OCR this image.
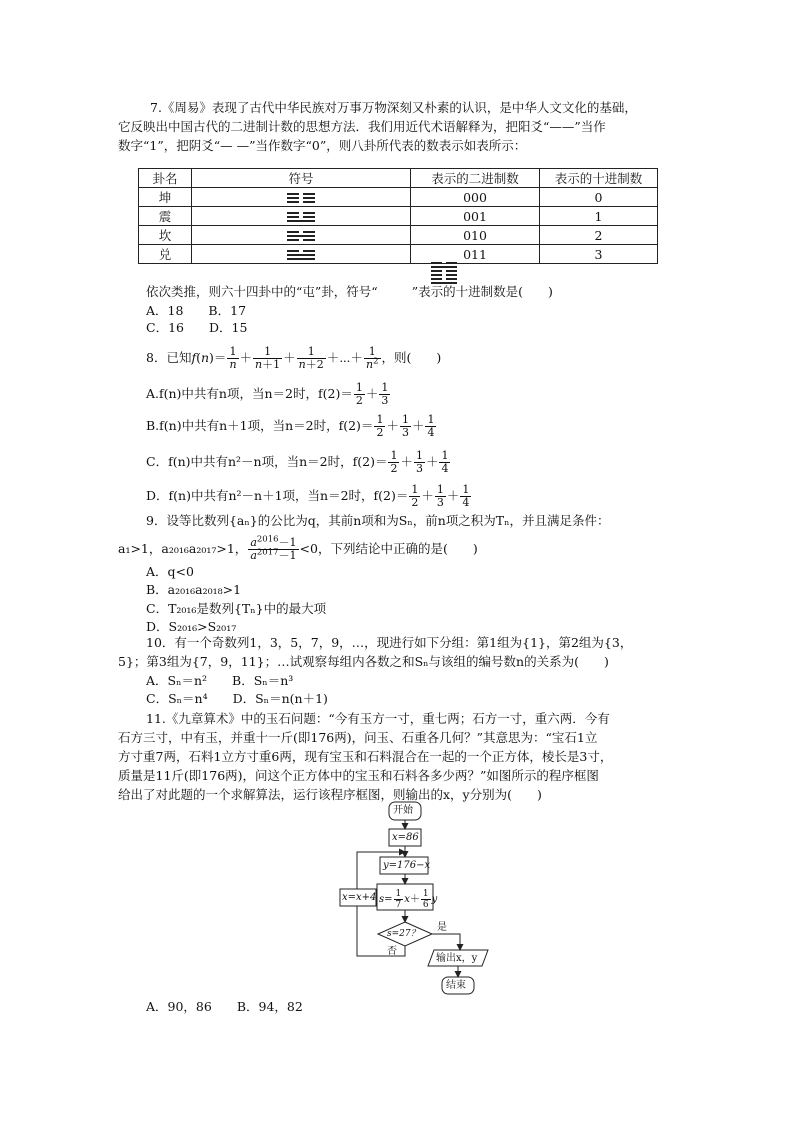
7.《周易》表现了古代中华民族对万事万物深刻又朴素的认识，是中华人文文化的基础，
它反映出中国古代的二进制计数的思想方法．我们用近代术语解释为，把阳爻“——”当作
数字“1”，把阴爻“— —”当作数字“0”，则八卦所代表的数表示如表所示：
卦名	符号	表示的二进制数	表示的十进制数
坤		000	0
震		001	1
坎		010	2
兑		011	3
依次类推，则六十四卦中的“屯”卦，符号“	”表示的十进制数是(　　)
A．18　　B．17
C．16　　D．15
8．已知$f(n)= \frac{1}{n} + \frac{1}{n+1} + \frac{1}{n+2}$ ＋⋯＋ $\frac{1}{n^2}$ ，则(　　)
A.f(n)中共有n项，当n＝2时，$f(2)= \frac{1}{2} + \frac{1}{3}$
B.f(n)中共有n＋1项，当n＝2时，$f(2)= \frac{1}{2} + \frac{1}{3} + \frac{1}{4}$
C．f(n)中共有n²－n项，当n＝2时，$f(2)= \frac{1}{2} + \frac{1}{3} + \frac{1}{4}$
D．f(n)中共有n²－n＋1项，当n＝2时，$f(2)= \frac{1}{2} + \frac{1}{3} + \frac{1}{4}$
9．设等比数列{aₙ}的公比为q，其前n项和为Sₙ，前n项之积为Tₙ，并且满足条件：
a₁>1，a₂₀₁₆a₂₀₁₇>1， $\frac{a^{2016}-1}{a^{2017}-1} <0$，下列结论中正确的是(　　)
A．q<0
B．a₂₀₁₆a₂₀₁₈>1
C．T₂₀₁₆是数列{Tₙ}中的最大项
D．S₂₀₁₆>S₂₀₁₇
10．有一个奇数列1，3，5，7，9，…，现进行如下分组：第1组为{1}，第2组为{3，
5}；第3组为{7，9，11}；…试观察每组内各数之和Sₙ与该组的编号数n的关系为(　　)
A．Sₙ＝n²　　B．Sₙ＝n³
C．Sₙ＝n⁴　　D．Sₙ＝n(n＋1)
11.《九章算术》中的玉石问题：“今有玉方一寸，重七两；石方一寸，重六两．今有
石方三寸，中有玉，并重十一斤(即176两)，问玉、石重各几何？”其意思为：“宝石1立
方寸重7两，石料1立方寸重6两，现有宝玉和石料混合在一起的一个正方体，棱长是3寸，
质量是11斤(即176两)，问这个正方体中的宝玉和石料各多少两？”如图所示的程序框图
给出了对此题的一个求解算法，运行该程序框图，则输出的x，y分别为(　　)
开始
x=86
y=176−x
$s= \frac{1}{7} x+ \frac{1}{6}$ y
x=x+4
s=27？
是
否
输出x，y
结束
A．90，86　　B．94，82
